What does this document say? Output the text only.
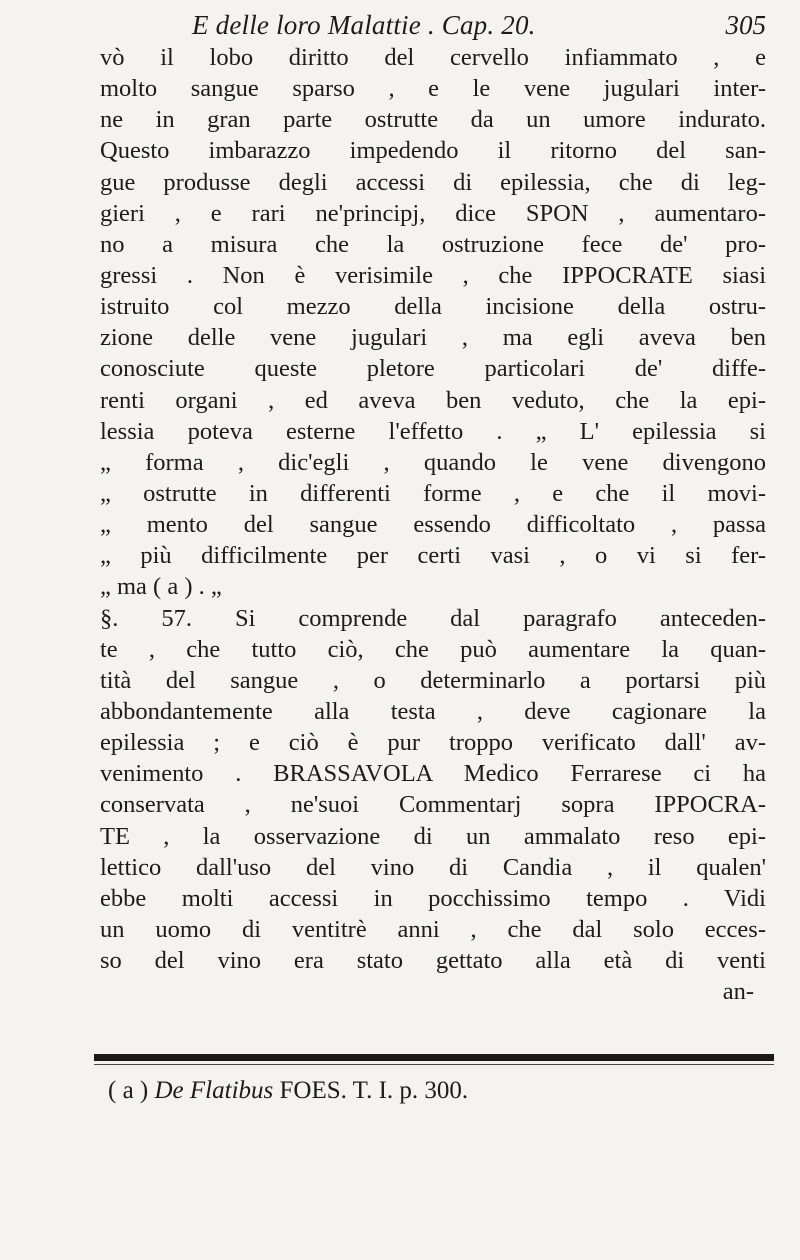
E delle loro Malattie . Cap. 20.	305
vò il lobo diritto del cervello infiammato , e
molto sangue sparso , e le vene jugulari inter-
ne in gran parte ostrutte da un umore indurato.
Questo imbarazzo impedendo il ritorno del san-
gue produsse degli accessi di epilessia, che di leg-
gieri , e rari ne'principj, dice SPON , aumentaro-
no a misura che la ostruzione fece de' pro-
gressi . Non è verisimile , che IPPOCRATE siasi
istruito col mezzo della incisione della ostru-
zione delle vene jugulari , ma egli aveva ben
conosciute queste pletore particolari de' diffe-
renti organi , ed aveva ben veduto, che la epi-
lessia poteva esterne l'effetto . „ L' epilessia si
„ forma , dic'egli , quando le vene divengono
„ ostrutte in differenti forme , e che il movi-
„ mento del sangue essendo difficoltato , passa
„ più difficilmente per certi vasi , o vi si fer-
„ ma ( a ) . „
§. 57. Si comprende dal paragrafo anteceden-
te , che tutto ciò, che può aumentare la quan-
tità del sangue , o determinarlo a portarsi più
abbondantemente alla testa , deve cagionare la
epilessia ; e ciò è pur troppo verificato dall' av-
venimento . BRASSAVOLA Medico Ferrarese ci ha
conservata , ne'suoi Commentarj sopra IPPOCRA-
TE , la osservazione di un ammalato reso epi-
lettico dall'uso del vino di Candia , il qualen'
ebbe molti accessi in pocchissimo tempo . Vidi
un uomo di ventitrè anni , che dal solo ecces-
so del vino era stato gettato alla età di venti
an-
( a ) De Flatibus FOES. T. I. p. 300.
